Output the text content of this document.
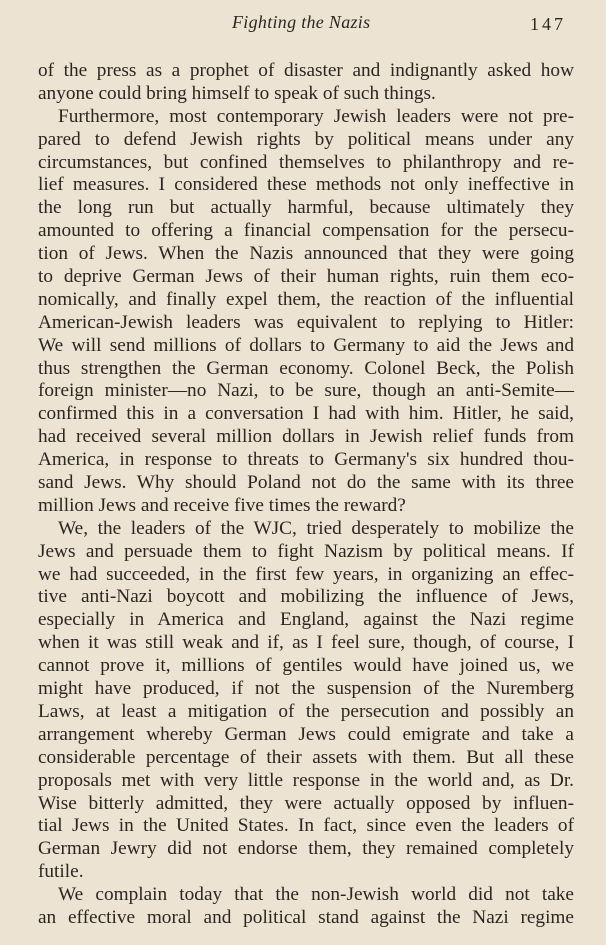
Fighting the Nazis	147
of the press as a prophet of disaster and indignantly asked how
anyone could bring himself to speak of such things.
Furthermore, most contemporary Jewish leaders were not pre-
pared to defend Jewish rights by political means under any
circumstances, but confined themselves to philanthropy and re-
lief measures. I considered these methods not only ineffective in
the long run but actually harmful, because ultimately they
amounted to offering a financial compensation for the persecu-
tion of Jews. When the Nazis announced that they were going
to deprive German Jews of their human rights, ruin them eco-
nomically, and finally expel them, the reaction of the influential
American-Jewish leaders was equivalent to replying to Hitler:
We will send millions of dollars to Germany to aid the Jews and
thus strengthen the German economy. Colonel Beck, the Polish
foreign minister—no Nazi, to be sure, though an anti-Semite—
confirmed this in a conversation I had with him. Hitler, he said,
had received several million dollars in Jewish relief funds from
America, in response to threats to Germany's six hundred thou-
sand Jews. Why should Poland not do the same with its three
million Jews and receive five times the reward?
We, the leaders of the WJC, tried desperately to mobilize the
Jews and persuade them to fight Nazism by political means. If
we had succeeded, in the first few years, in organizing an effec-
tive anti-Nazi boycott and mobilizing the influence of Jews,
especially in America and England, against the Nazi regime
when it was still weak and if, as I feel sure, though, of course, I
cannot prove it, millions of gentiles would have joined us, we
might have produced, if not the suspension of the Nuremberg
Laws, at least a mitigation of the persecution and possibly an
arrangement whereby German Jews could emigrate and take a
considerable percentage of their assets with them. But all these
proposals met with very little response in the world and, as Dr.
Wise bitterly admitted, they were actually opposed by influen-
tial Jews in the United States. In fact, since even the leaders of
German Jewry did not endorse them, they remained completely
futile.
We complain today that the non-Jewish world did not take
an effective moral and political stand against the Nazi regime
